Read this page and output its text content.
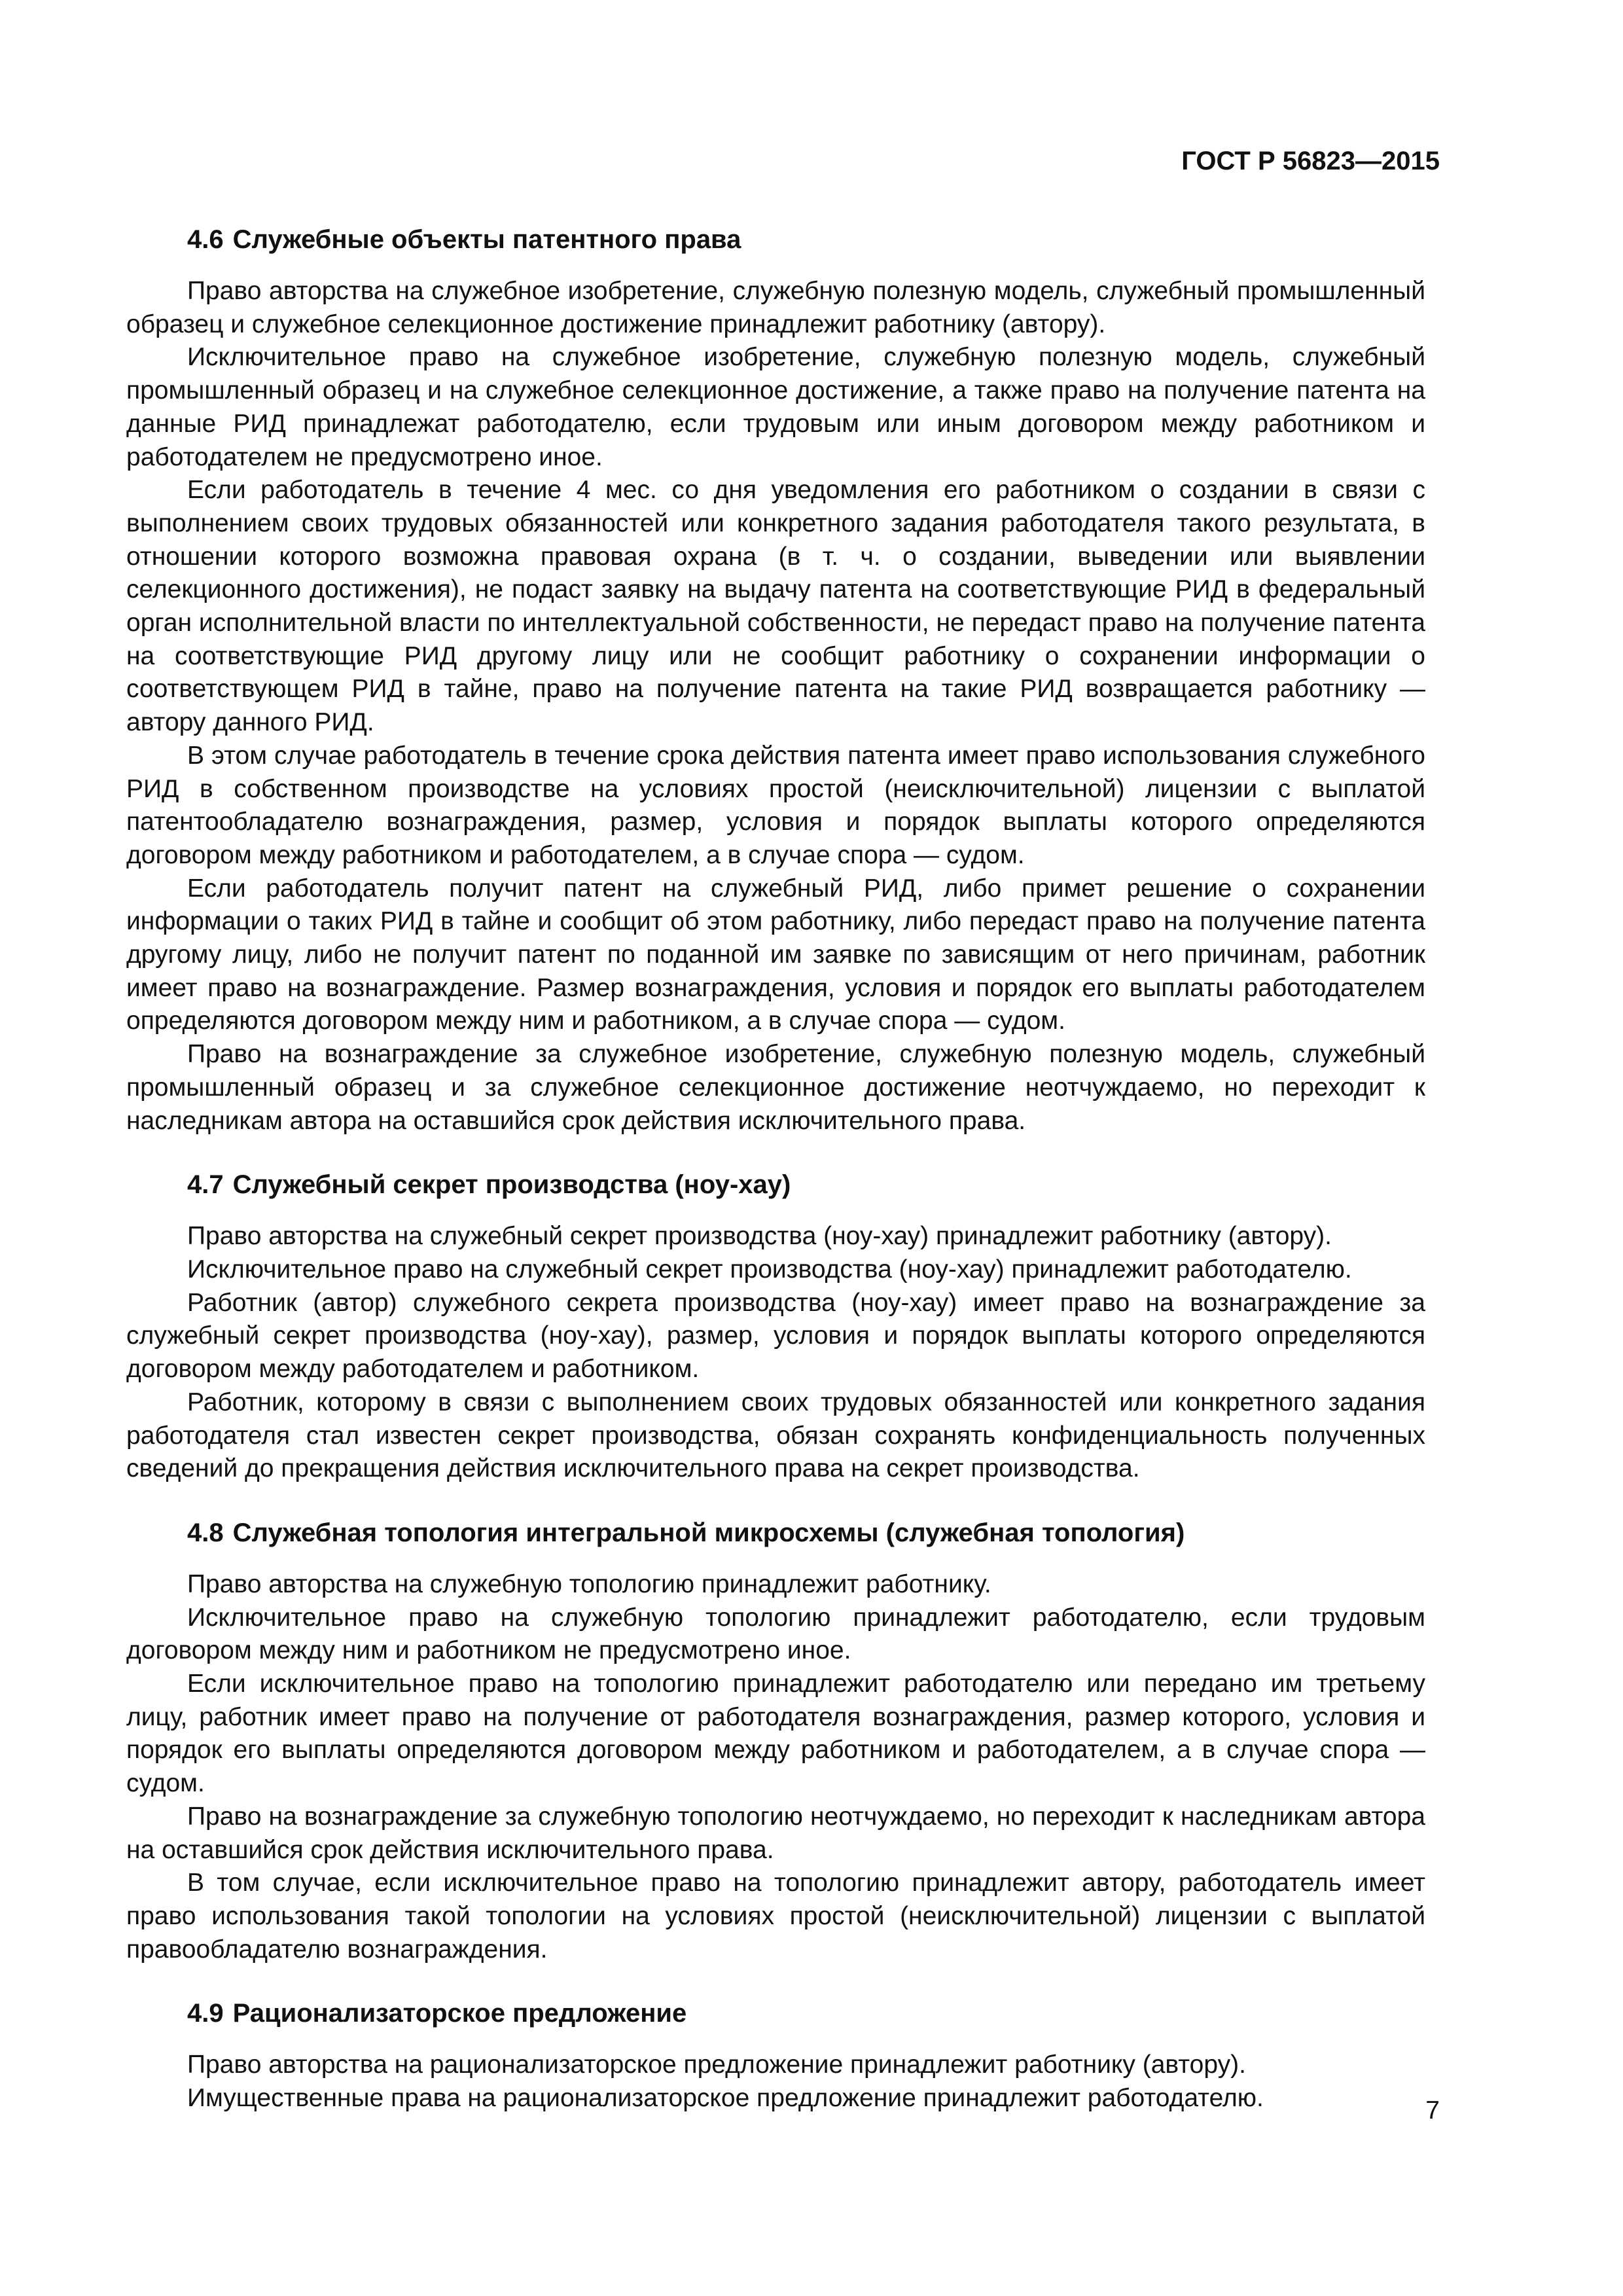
ГОСТ Р 56823—2015
4.6 Служебные объекты патентного права

Право авторства на служебное изобретение, служебную полезную модель, служебный промышленный образец и служебное селекционное достижение принадлежит работнику (автору).

Исключительное право на служебное изобретение, служебную полезную модель, служебный промышленный образец и на служебное селекционное достижение, а также право на получение патента на данные РИД принадлежат работодателю, если трудовым или иным договором между работником и работодателем не предусмотрено иное.

Если работодатель в течение 4 мес. со дня уведомления его работником о создании в связи с выполнением своих трудовых обязанностей или конкретного задания работодателя такого результата, в отношении которого возможна правовая охрана (в т. ч. о создании, выведении или выявлении селекционного достижения), не подаст заявку на выдачу патента на соответствующие РИД в федеральный орган исполнительной власти по интеллектуальной собственности, не передаст право на получение патента на соответствующие РИД другому лицу или не сообщит работнику о сохранении информации о соответствующем РИД в тайне, право на получение патента на такие РИД возвращается работнику — автору данного РИД.

В этом случае работодатель в течение срока действия патента имеет право использования служебного РИД в собственном производстве на условиях простой (неисключительной) лицензии с выплатой патентообладателю вознаграждения, размер, условия и порядок выплаты которого определяются договором между работником и работодателем, а в случае спора — судом.

Если работодатель получит патент на служебный РИД, либо примет решение о сохранении информации о таких РИД в тайне и сообщит об этом работнику, либо передаст право на получение патента другому лицу, либо не получит патент по поданной им заявке по зависящим от него причинам, работник имеет право на вознаграждение. Размер вознаграждения, условия и порядок его выплаты работодателем определяются договором между ним и работником, а в случае спора — судом.

Право на вознаграждение за служебное изобретение, служебную полезную модель, служебный промышленный образец и за служебное селекционное достижение неотчуждаемо, но переходит к наследникам автора на оставшийся срок действия исключительного права.

4.7 Служебный секрет производства (ноу-хау)

Право авторства на служебный секрет производства (ноу-хау) принадлежит работнику (автору).

Исключительное право на служебный секрет производства (ноу-хау) принадлежит работодателю.

Работник (автор) служебного секрета производства (ноу-хау) имеет право на вознаграждение за служебный секрет производства (ноу-хау), размер, условия и порядок выплаты которого определяются договором между работодателем и работником.

Работник, которому в связи с выполнением своих трудовых обязанностей или конкретного задания работодателя стал известен секрет производства, обязан сохранять конфиденциальность полученных сведений до прекращения действия исключительного права на секрет производства.

4.8 Служебная топология интегральной микросхемы (служебная топология)

Право авторства на служебную топологию принадлежит работнику.

Исключительное право на служебную топологию принадлежит работодателю, если трудовым договором между ним и работником не предусмотрено иное.

Если исключительное право на топологию принадлежит работодателю или передано им третьему лицу, работник имеет право на получение от работодателя вознаграждения, размер которого, условия и порядок его выплаты определяются договором между работником и работодателем, а в случае спора — судом.

Право на вознаграждение за служебную топологию неотчуждаемо, но переходит к наследникам автора на оставшийся срок действия исключительного права.

В том случае, если исключительное право на топологию принадлежит автору, работодатель имеет право использования такой топологии на условиях простой (неисключительной) лицензии с выплатой правообладателю вознаграждения.

4.9 Рационализаторское предложение

Право авторства на рационализаторское предложение принадлежит работнику (автору).

Имущественные права на рационализаторское предложение принадлежит работодателю.	7
